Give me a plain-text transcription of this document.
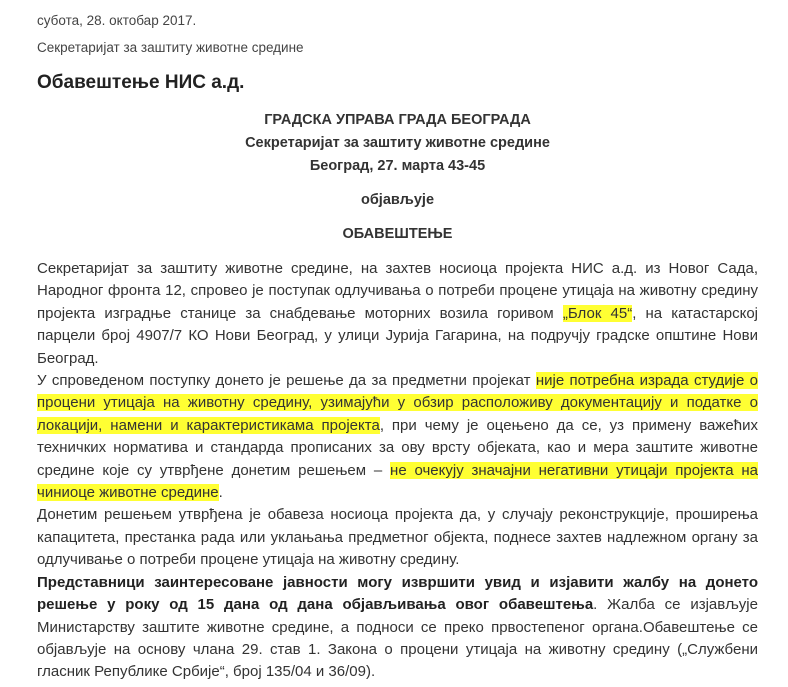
субота, 28. октобар 2017.
Секретаријат за заштиту животне средине
Обавештење НИС а.д.

ГРАДСКА УПРАВА ГРАДА БЕОГРАДА

Секретаријат за заштиту животне средине

Београд, 27. марта 43-45

објављује

ОБАВЕШТЕЊЕ

Секретаријат за заштиту животне средине, на захтев носиоца пројекта НИС а.д. из Новог Сада, Народног фронта 12, спровео је поступак одлучивања о потреби процене утицаја на животну средину пројекта изградње станице за снабдевање моторних возила горивом „Блок 45“, на катастарској парцели број 4907/7 КО Нови Београд, у улици Јурија Гагарина, на подручју градске општине Нови Београд.

У спроведеном поступку донето је решење да за предметни пројекат није потребна израда студије о процени утицаја на животну средину, узимајући у обзир расположиву документацију и податке о локацији, намени и карактеристикама пројекта, при чему је оцењено да се, уз примену важећих техничких норматива и стандарда прописаних за ову врсту објеката, као и мера заштите животне средине које су утврђене донетим решењем – не очекују значајни негативни утицаји пројекта на чиниоце животне средине.

Донетим решењем утврђена је обавеза носиоца пројекта да, у случају реконструкције, проширења капацитета, престанка рада или уклањања предметног објекта, поднесе захтев надлежном органу за одлучивање о потреби процене утицаја на животну средину.

Представници заинтересоване јавности могу извршити увид и изјавити жалбу на донето решење у року од 15 дана од дана објављивања овог обавештења. Жалба се изјављује Министарству заштите животне средине, а подноси се преко првостепеног органа.Обавештење се објављује на основу члана 29. став 1. Закона о процени утицаја на животну средину („Службени гласник Републике Србије“, број 135/04 и 36/09).
